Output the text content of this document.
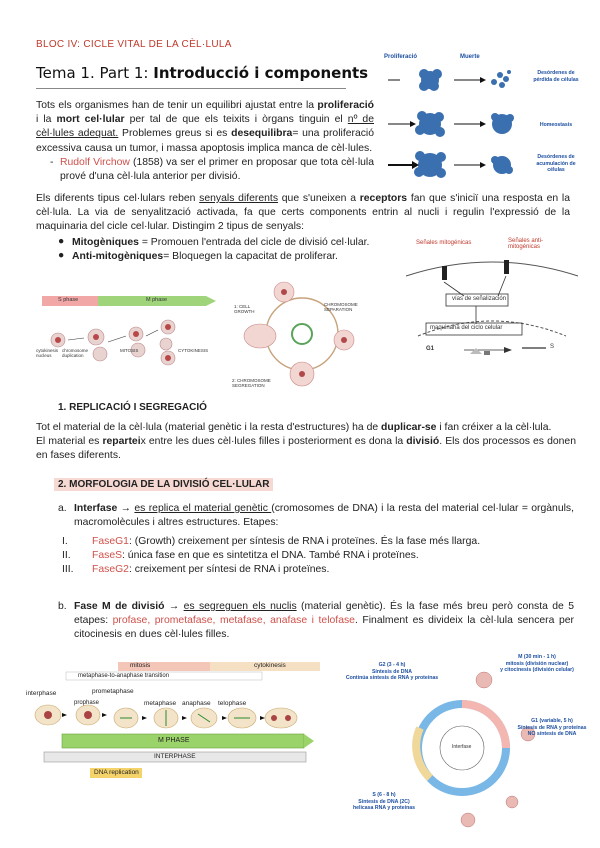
BLOC IV: CICLE VITAL DE LA CÈL·LULA
Tema 1. Part 1: Introducció i components
Tots els organismes han de tenir un equilibri ajustat entre la proliferació i la mort cel·lular per tal de que els teixits i òrgans tinguin el nº de cèl·lules adequat. Problemes greus si es desequilibra= una proliferació excessiva causa un tumor, i massa apoptosis implica manca de cèl·lules.
- Rudolf Virchow (1858) va ser el primer en proposar que tota cèl·lula prové d'una cèl·lula anterior per divisió.
Proliferació	Muerte
Desórdenes de pérdida de células
Homeostasis
Desórdenes de acumulación de células
Els diferents tipus cel·lulars reben senyals diferents que s'uneixen a receptors fan que s'iniciï una resposta en la cèl·lula. La via de senyalització activada, fa que certs components entrin al nucli i regulin l'expressió de la maquinaria del cicle cel·lular. Distingim 2 tipus de senyals:
● Mitogèniques = Promouen l'entrada del cicle de divisió cel·lular.
● Anti-mitogèniques= Bloquegen la capacitat de proliferar.
Señales mitogénicas	Señales anti-mitogénicas
vías de señalización
maquinaria del ciclo celular
G1	S
S phase	M phase
cytokinesis nucleus
chromosome duplication
MITOSIS	CYTOKINESIS
1: CELL GROWTH
CHROMOSOME SEPARATION
2: CHROMOSOME SEGREGATION
1. REPLICACIÓ I SEGREGACIÓ
Tot el material de la cèl·lula (material genètic i la resta d'estructures) ha de duplicar-se i fan créixer a la cèl·lula.
El material es reparteix entre les dues cèl·lules filles i posteriorment es dona la divisió. Els dos processos es donen en fases diferents.
2. MORFOLOGIA DE LA DIVISIÓ CEL·LULAR
a. Interfase → es replica el material genètic (cromosomes de DNA) i la resta del material cel·lular = orgànuls, macromolècules i altres estructures. Etapes:
I. FaseG1: (Growth) creixement per síntesis de RNA i proteïnes. És la fase més llarga.
II. FaseS: única fase en que es sintetitza el DNA. També RNA i proteïnes.
III. FaseG2: creixement per síntesi de RNA i proteïnes.
b. Fase M de divisió → es segreguen els nuclis (material genètic). És la fase més breu però consta de 5 etapes: profase, prometafase, metafase, anafase i telofase. Finalment es divideix la cèl·lula sencera per citocinesis en dues cèl·lules filles.
mitosis	cytokinesis
metaphase-to-anaphase transition
interphase	prometaphase
prophase	metaphase anaphase telophase
M PHASE
INTERPHASE
DNA replication
G2 (3 - 4 h)
Síntesis de DNA
Continúa síntesis de RNA y proteínas
M (30 min - 1 h)
mitosis (división nuclear)
y citocinesis (división celular)
G1 (variable, 5 h)
Síntesis de RNA y proteínas
NO síntesis de DNA
S (6 - 8 h)
Síntesis de DNA (2C)
helicasa RNA y proteínas
Interfase
